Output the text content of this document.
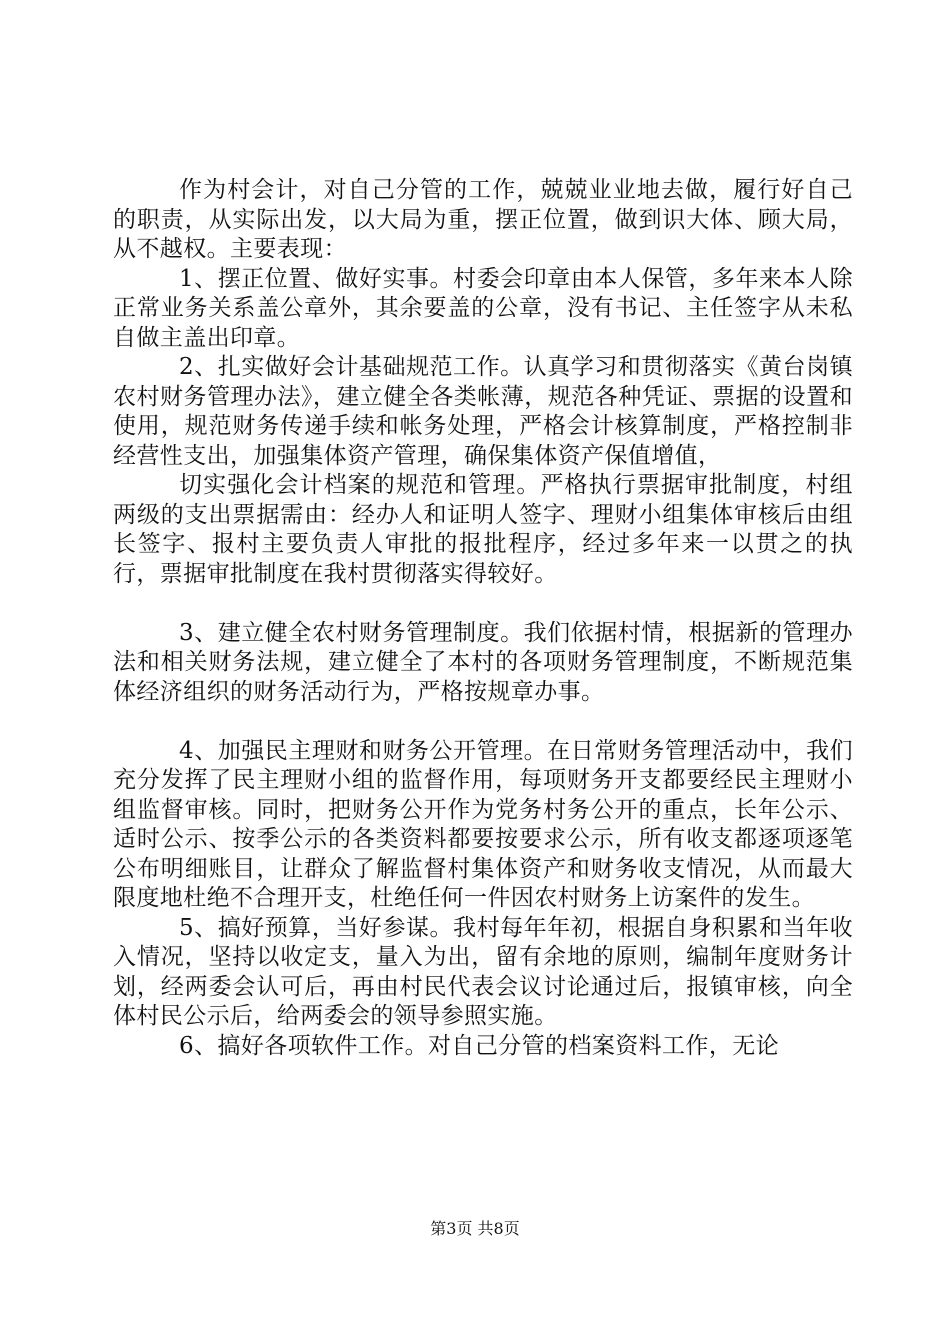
作为村会计，对自己分管的工作，兢兢业业地去做，履行好自己的职责，从实际出发，以大局为重，摆正位置，做到识大体、顾大局，从不越权。主要表现：

1、摆正位置、做好实事。村委会印章由本人保管，多年来本人除正常业务关系盖公章外，其余要盖的公章，没有书记、主任签字从未私自做主盖出印章。

2、扎实做好会计基础规范工作。认真学习和贯彻落实《黄台岗镇农村财务管理办法》，建立健全各类帐薄，规范各种凭证、票据的设置和使用，规范财务传递手续和帐务处理，严格会计核算制度，严格控制非经营性支出，加强集体资产管理，确保集体资产保值增值，

切实强化会计档案的规范和管理。严格执行票据审批制度，村组两级的支出票据需由：经办人和证明人签字、理财小组集体审核后由组长签字、报村主要负责人审批的报批程序，经过多年来一以贯之的执行，票据审批制度在我村贯彻落实得较好。

3、建立健全农村财务管理制度。我们依据村情，根据新的管理办法和相关财务法规，建立健全了本村的各项财务管理制度，不断规范集体经济组织的财务活动行为，严格按规章办事。

4、加强民主理财和财务公开管理。在日常财务管理活动中，我们充分发挥了民主理财小组的监督作用，每项财务开支都要经民主理财小组监督审核。同时，把财务公开作为党务村务公开的重点，长年公示、适时公示、按季公示的各类资料都要按要求公示，所有收支都逐项逐笔公布明细账目，让群众了解监督村集体资产和财务收支情况，从而最大限度地杜绝不合理开支，杜绝任何一件因农村财务上访案件的发生。

5、搞好预算，当好参谋。我村每年年初，根据自身积累和当年收入情况，坚持以收定支，量入为出，留有余地的原则，编制年度财务计划，经两委会认可后，再由村民代表会议讨论通过后，报镇审核，向全体村民公示后，给两委会的领导参照实施。

6、搞好各项软件工作。对自己分管的档案资料工作，无论

第3页 共8页
